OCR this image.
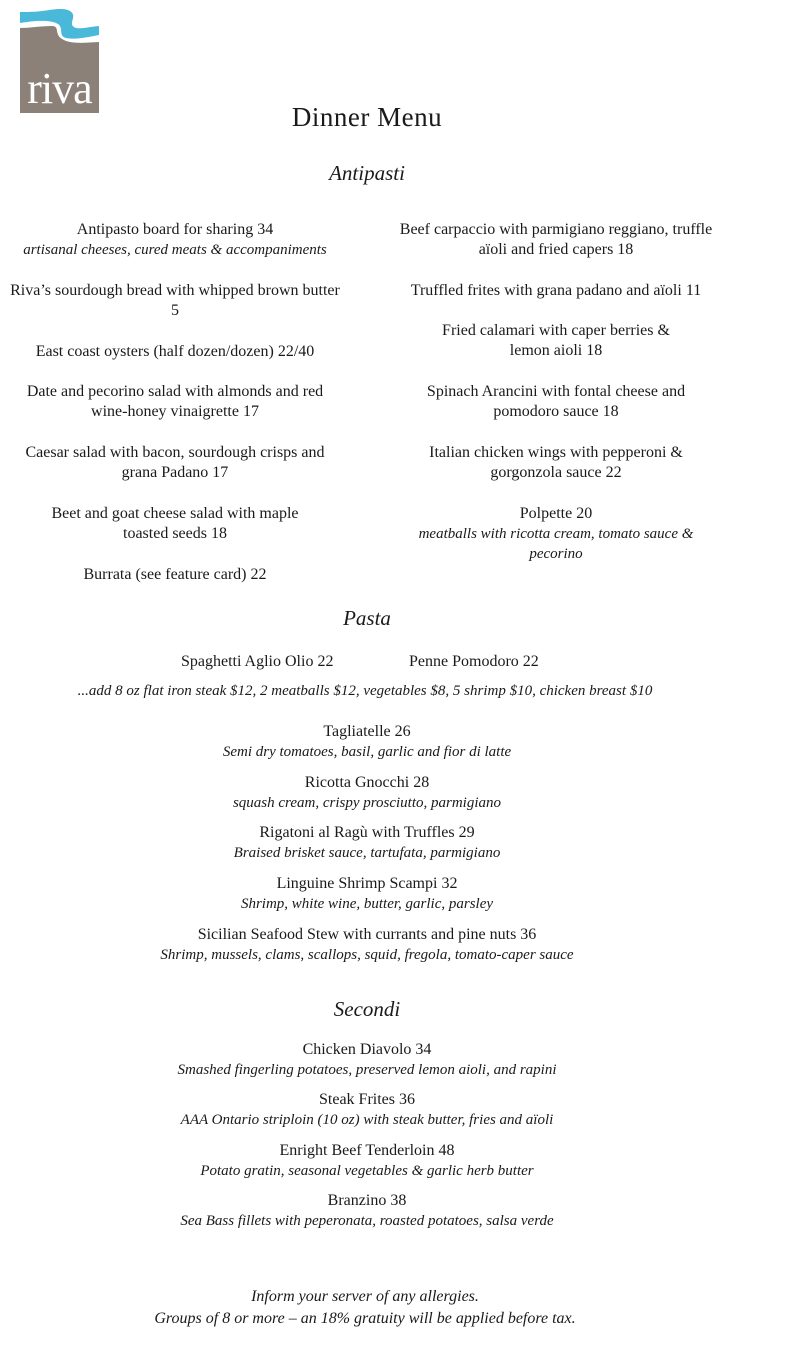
riva
Dinner Menu
Antipasti
Antipasto board for sharing 34
artisanal cheeses, cured meats & accompaniments
Riva’s sourdough bread with whipped brown butter 5
East coast oysters (half dozen/dozen) 22/40
Date and pecorino salad with almonds and red wine-honey vinaigrette 17
Caesar salad with bacon, sourdough crisps and grana Padano 17
Beet and goat cheese salad with maple toasted seeds 18
Burrata (see feature card) 22
Beef carpaccio with parmigiano reggiano, truffle aïoli and fried capers 18
Truffled frites with grana padano and aïoli 11
Fried calamari with caper berries & lemon aioli 18
Spinach Arancini with fontal cheese and pomodoro sauce 18
Italian chicken wings with pepperoni & gorgonzola sauce 22
Polpette 20
meatballs with ricotta cream, tomato sauce & pecorino
Pasta
Spaghetti Aglio Olio 22	Penne Pomodoro 22
...add 8 oz flat iron steak $12, 2 meatballs $12, vegetables $8, 5 shrimp $10, chicken breast $10
Tagliatelle 26
Semi dry tomatoes, basil, garlic and fior di latte
Ricotta Gnocchi 28
squash cream, crispy prosciutto, parmigiano
Rigatoni al Ragù with Truffles 29
Braised brisket sauce, tartufata, parmigiano
Linguine Shrimp Scampi 32
Shrimp, white wine, butter, garlic, parsley
Sicilian Seafood Stew with currants and pine nuts 36
Shrimp, mussels, clams, scallops, squid, fregola, tomato-caper sauce
Secondi
Chicken Diavolo 34
Smashed fingerling potatoes, preserved lemon aioli, and rapini
Steak Frites 36
AAA Ontario striploin (10 oz) with steak butter, fries and aïoli
Enright Beef Tenderloin 48
Potato gratin, seasonal vegetables & garlic herb butter
Branzino 38
Sea Bass fillets with peperonata, roasted potatoes, salsa verde
Inform your server of any allergies.
Groups of 8 or more – an 18% gratuity will be applied before tax.
